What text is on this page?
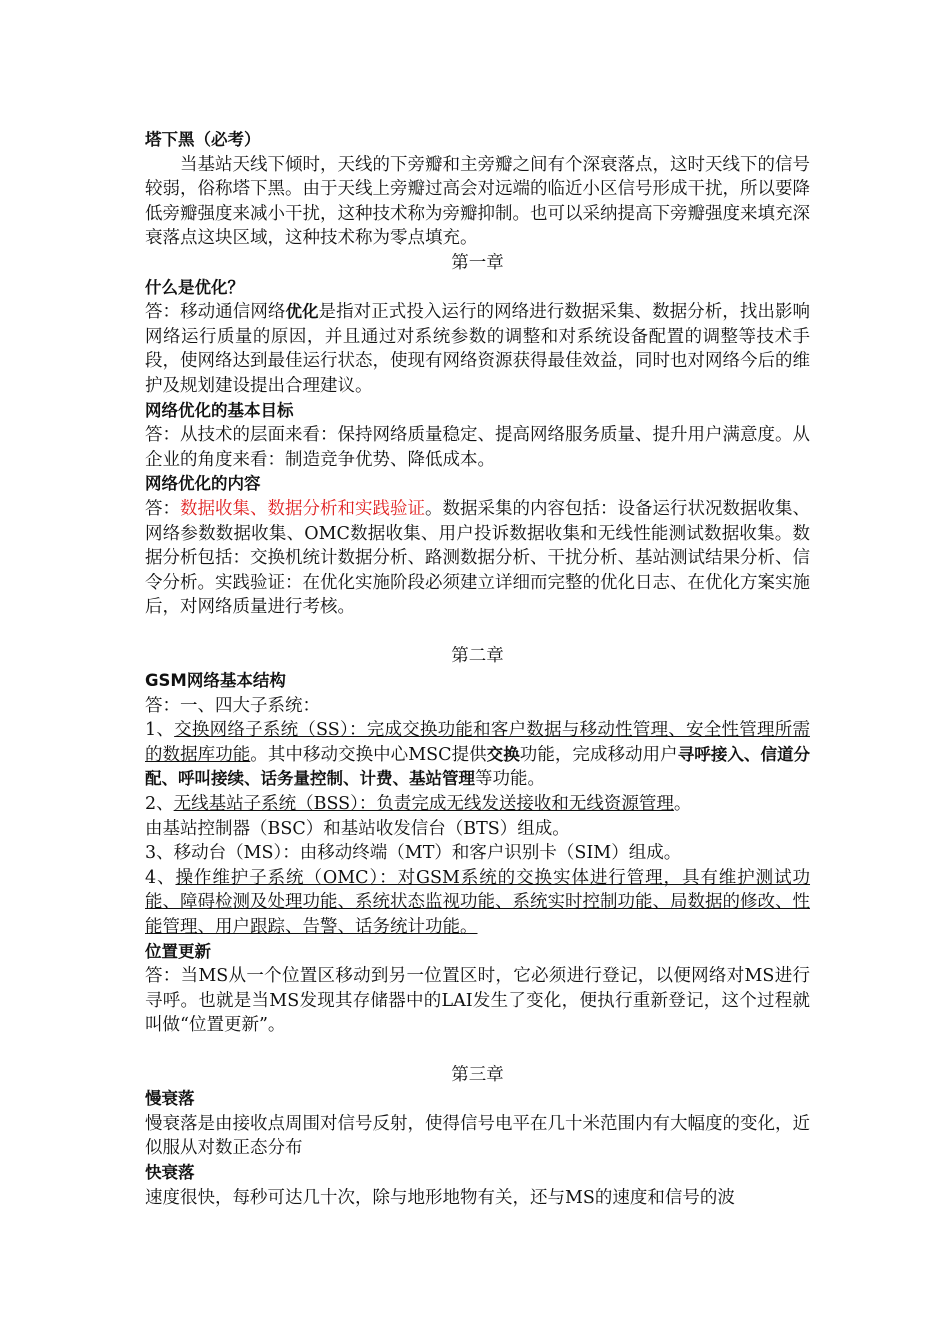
塔下黑（必考）

当基站天线下倾时，天线的下旁瓣和主旁瓣之间有个深衰落点，这时天线下的信号较弱，俗称塔下黑。由于天线上旁瓣过高会对远端的临近小区信号形成干扰，所以要降低旁瓣强度来减小干扰，这种技术称为旁瓣抑制。也可以采纳提高下旁瓣强度来填充深衰落点这块区域，这种技术称为零点填充。

第一章
什么是优化？

答：移动通信网络优化是指对正式投入运行的网络进行数据采集、数据分析，找出影响网络运行质量的原因，并且通过对系统参数的调整和对系统设备配置的调整等技术手段，使网络达到最佳运行状态，使现有网络资源获得最佳效益，同时也对网络今后的维护及规划建设提出合理建议。

网络优化的基本目标

答：从技术的层面来看：保持网络质量稳定、提高网络服务质量、提升用户满意度。从企业的角度来看：制造竞争优势、降低成本。

网络优化的内容

答：数据收集、数据分析和实践验证。数据采集的内容包括：设备运行状况数据收集、网络参数数据收集、OMC数据收集、用户投诉数据收集和无线性能测试数据收集。数据分析包括：交换机统计数据分析、路测数据分析、干扰分析、基站测试结果分析、信令分析。实践验证：在优化实施阶段必须建立详细而完整的优化日志、在优化方案实施后，对网络质量进行考核。

第二章
GSM网络基本结构
答：一、四大子系统：

1、交换网络子系统（SS）：完成交换功能和客户数据与移动性管理、安全性管理所需的数据库功能。其中移动交换中心MSC提供交换功能，完成移动用户寻呼接入、信道分配、呼叫接续、话务量控制、计费、基站管理等功能。

2、无线基站子系统（BSS）：负责完成无线发送接收和无线资源管理。

由基站控制器（BSC）和基站收发信台（BTS）组成。

3、移动台（MS）：由移动终端（MT）和客户识别卡（SIM）组成。

4、操作维护子系统（OMC）：对GSM系统的交换实体进行管理，具有维护测试功能、障碍检测及处理功能、系统状态监视功能、系统实时控制功能、局数据的修改、性能管理、用户跟踪、告警、话务统计功能。

位置更新

答：当MS从一个位置区移动到另一位置区时，它必须进行登记，以便网络对MS进行寻呼。也就是当MS发现其存储器中的LAI发生了变化，便执行重新登记，这个过程就叫做“位置更新”。

第三章
慢衰落

慢衰落是由接收点周围对信号反射，使得信号电平在几十米范围内有大幅度的变化，近似服从对数正态分布

快衰落

速度很快，每秒可达几十次，除与地形地物有关，还与MS的速度和信号的波
